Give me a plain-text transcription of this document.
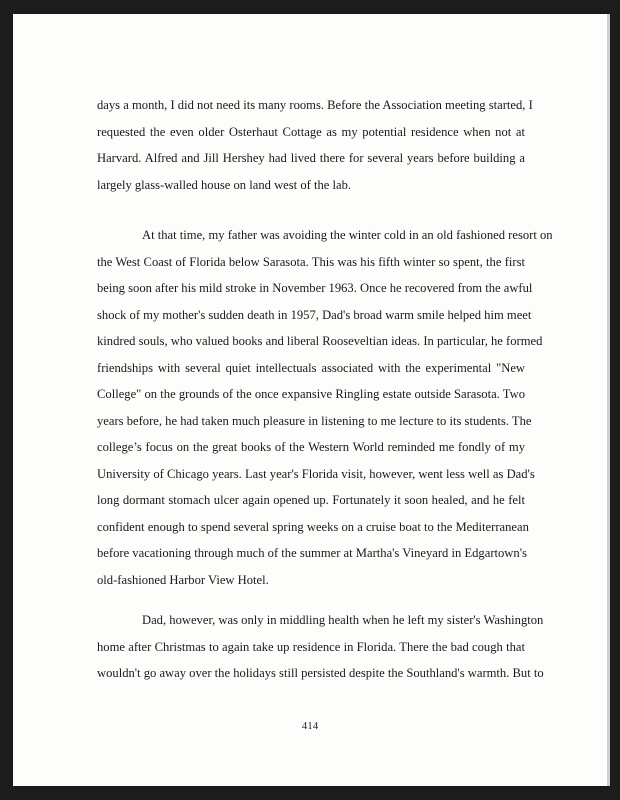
days a month, I did not need its many rooms. Before the Association meeting started, I
requested the even older Osterhaut Cottage as my potential residence when not at
Harvard. Alfred and Jill Hershey had lived there for several years before building a
largely glass-walled house on land west of the lab.
At that time, my father was avoiding the winter cold in an old fashioned resort on
the West Coast of Florida below Sarasota. This was his fifth winter so spent, the first
being soon after his mild stroke in November 1963. Once he recovered from the awful
shock of my mother's sudden death in 1957, Dad's broad warm smile helped him meet
kindred souls, who valued books and liberal Rooseveltian ideas. In particular, he formed
friendships with several quiet intellectuals associated with the experimental "New
College" on the grounds of the once expansive Ringling estate outside Sarasota. Two
years before, he had taken much pleasure in listening to me lecture to its students. The
college’s focus on the great books of the Western World reminded me fondly of my
University of Chicago years. Last year's Florida visit, however, went less well as Dad's
long dormant stomach ulcer again opened up. Fortunately it soon healed, and he felt
confident enough to spend several spring weeks on a cruise boat to the Mediterranean
before vacationing through much of the summer at Martha's Vineyard in Edgartown's
old-fashioned Harbor View Hotel.
Dad, however, was only in middling health when he left my sister's Washington
home after Christmas to again take up residence in Florida. There the bad cough that
wouldn't go away over the holidays still persisted despite the Southland's warmth. But to

414
